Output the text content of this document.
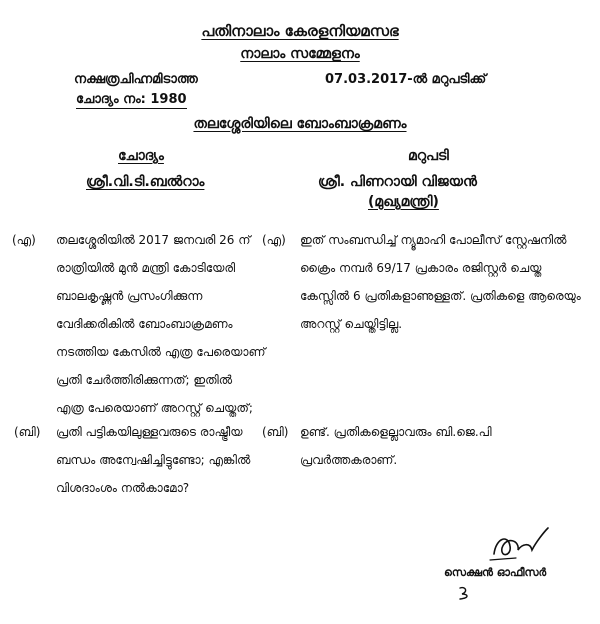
പതിനാലാം കേരളനിയമസഭ
നാലാം സമ്മേളനം
നക്ഷത്രചിഹ്നമിടാത്ത
ചോദ്യം നം: 1980
07.03.2017-ൽ മറുപടിക്ക്
തലശ്ശേരിയിലെ ബോംബാക്രമണം
ചോദ്യം	മറുപടി
ശ്രീ.വി.ടി.ബൽറാം	ശ്രീ. പിണറായി വിജയൻ
(മുഖ്യമന്ത്രി)
(എ) തലശ്ശേരിയിൽ 2017 ജനവരി 26 ന്
രാത്രിയിൽ മുൻ മന്ത്രി കോടിയേരി
ബാലകൃഷ്ണൻ പ്രസംഗിക്കുന്ന
വേദിക്കരികിൽ ബോംബാക്രമണം
നടത്തിയ കേസിൽ എത്ര പേരെയാണ്
പ്രതി ചേർത്തിരിക്കുന്നത്; ഇതിൽ
എത്ര പേരെയാണ് അറസ്റ്റ് ചെയ്തത്;
(എ) ഇത് സംബന്ധിച്ച് ന്യൂമാഹി പോലീസ് സ്റ്റേഷനിൽ
ക്രൈം നമ്പർ 69/17 പ്രകാരം രജിസ്റ്റർ ചെയ്ത
കേസ്സിൽ 6 പ്രതികളാണുള്ളത്. പ്രതികളെ ആരെയും
അറസ്റ്റ് ചെയ്തിട്ടില്ല.
(ബി) പ്രതി പട്ടികയിലുള്ളവരുടെ രാഷ്ട്രീയ
ബന്ധം അന്വേഷിച്ചിട്ടുണ്ടോ; എങ്കിൽ
വിശദാംശം നൽകാമോ?
(ബി) ഉണ്ട്. പ്രതികളെല്ലാവരും ബി.ജെ.പി
പ്രവർത്തകരാണ്.
സെക്ഷൻ ഓഫീസർ
